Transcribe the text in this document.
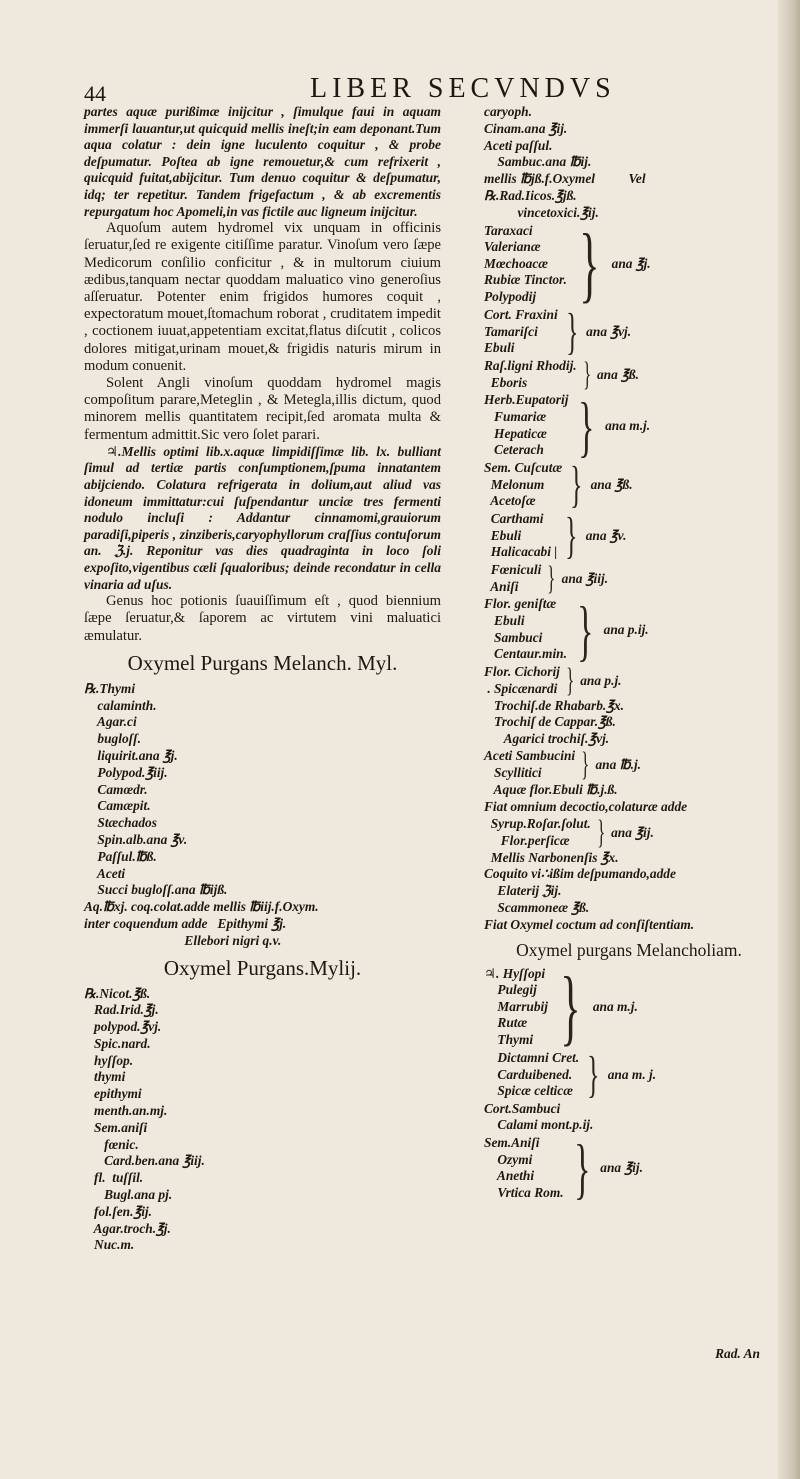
44	LIBER SECVNDVS

partes aquæ purißimæ inijcitur , ſimulque faui in aquam immerſi lauantur,ut quicquid mellis ineſt;in eam deponant.Tum aqua colatur : dein igne luculento coquitur , & probe deſpumatur. Poſtea ab igne remouetur,& cum refrixerit , quicquid fuitat,abijcitur. Tum denuo coquitur & deſpumatur, idq; ter repetitur. Tandem frigefactum , & ab excrementis repurgatum hoc Apomeli,in vas fictile auc ligneum inijcitur.

Aquoſum autem hydromel vix unquam in officinis ſeruatur,ſed re exigente citiſſime paratur. Vinoſum vero ſæpe Medicorum conſilio conficitur , & in multorum ciuium ædibus,tanquam nectar quoddam maluatico vino generoſius aſſeruatur. Potenter enim frigidos humores coquit , expectoratum mouet,ſtomachum roborat , cruditatem impedit , coctionem iuuat,appetentiam excitat,flatus diſcutit , colicos dolores mitigat,urinam mouet,& frigidis naturis mirum in modum conuenit.

Solent Angli vinoſum quoddam hydromel magis compoſitum parare,Meteglin , & Metegla,illis dictum, quod minorem mellis quantitatem recipit,ſed aromata multa & fermentum admittit.Sic vero ſolet parari.

♃.Mellis optimi lib.x.aquæ limpidiſſimæ lib. lx. bulliant ſimul ad tertiæ partis conſumptionem,ſpuma innatantem abijciendo. Colatura refrigerata in dolium,aut aliud vas idoneum immittatur:cui ſuſpendantur unciæ tres fermenti nodulo incluſi : Addantur cinnamomi,grauiorum paradiſi,piperis , zinziberis,caryophyllorum craſſius contuſorum an. ℨ.j. Reponitur vas dies quadraginta in loco ſoli expoſito,vigentibus cæli ſqualoribus; deinde recondatur in cella vinaria ad uſus.

Genus hoc potionis ſuauiſſimum eſt , quod biennium ſæpe ſeruatur,& ſaporem ac virtutem vini maluatici æmulatur.

Oxymel Purgans Melanch. Myl.
℞.Thymi
calaminth.
Agar.ci
bugloſſ.
liquirit.ana ℥j.
Polypod.℥iij.
Camœdr.
Camæpit.
Stæchados
Spin.alb.ana ℥v.
Paſſul.℔ß.
Aceti
Succi bugloſſ.ana ℔ijß.
Aq.℔xj. coq.colat.adde mellis ℔iij.f.Oxym.
inter coquendum adde   Epithymi ℥j.
Ellebori nigri q.v.
Oxymel Purgans.Mylij.
℞.Nicot.℥ß.
Rad.Irid.℥j.
polypod.℥vj.
Spic.nard.
hyſſop.
thymi
epithymi
menth.an.mj.
Sem.aniſi
fœnic.
Card.ben.ana ℥iij.
fl.  tuſſil.
Bugl.ana pj.
fol.ſen.℥ij.
Agar.troch.℥j.
Nuc.m.
caryoph.
Cinam.ana ℥ij.
Aceti paſſul.
Sambuc.ana ℔ij.
mellis ℔jß.f.Oxymel          Vel
℞.Rad.Iicos.℥jß.
vincetoxici.℥ij.
Taraxaci
Valerianæ
Mœchoacæ
Rubiæ Tinctor.
Polypodij } ana ℥j.
Cort. Fraxini
Tamariſci
Ebuli	} ana ℥vj.
Raſ.ligni Rhodij.
Eboris	} ana ℥ß.
Herb.Eupatorij
Fumariæ
Hepaticæ
Ceterach } ana m.j.
Sem. Cuſcutæ
Melonum
Acetoſæ } ana ℥ß.
Carthami
Ebuli
Halicacabi | } ana ℥v.
Fœniculi
Aniſi } ana ℥iij.
Flor. geniſtæ
Ebuli
Sambuci
Centaur.min. } ana p.ij.
Flor. Cichorij
. Spicænardi } ana p.j.
Trochiſ.de Rhabarb.℥x.
Trochiſ de Cappar.℥ß.
Agarici trochiſ.℥vj.
Aceti Sambucini
Scyllitici	} ana ℔.j.
Aquæ flor.Ebuli ℔.j.ß.
Fiat omnium decoctio,colaturæ adde
Syrup.Roſar.ſolut.
Flor.perſicæ } ana ℥ij.
Mellis Narbonenſis ℥x.
Coquito vi∴ißim deſpumando,adde
Elaterij ℨij.
Scammoneæ ℥ß.
Fiat Oxymel coctum ad conſiſtentiam.
Oxymel purgans Melancholiam.
♃. Hyſſopi
Pulegij
Marrubij
Rutæ
Thymi } ana m.j.
Dictamni Cret.
Carduibened.
Spicæ celticæ } ana m. j.
Cort.Sambuci
Calami mont.p.ij.
Sem.Aniſi
Ozymi
Anethi
Vrtica Rom. } ana ℥ij.
Rad. An
